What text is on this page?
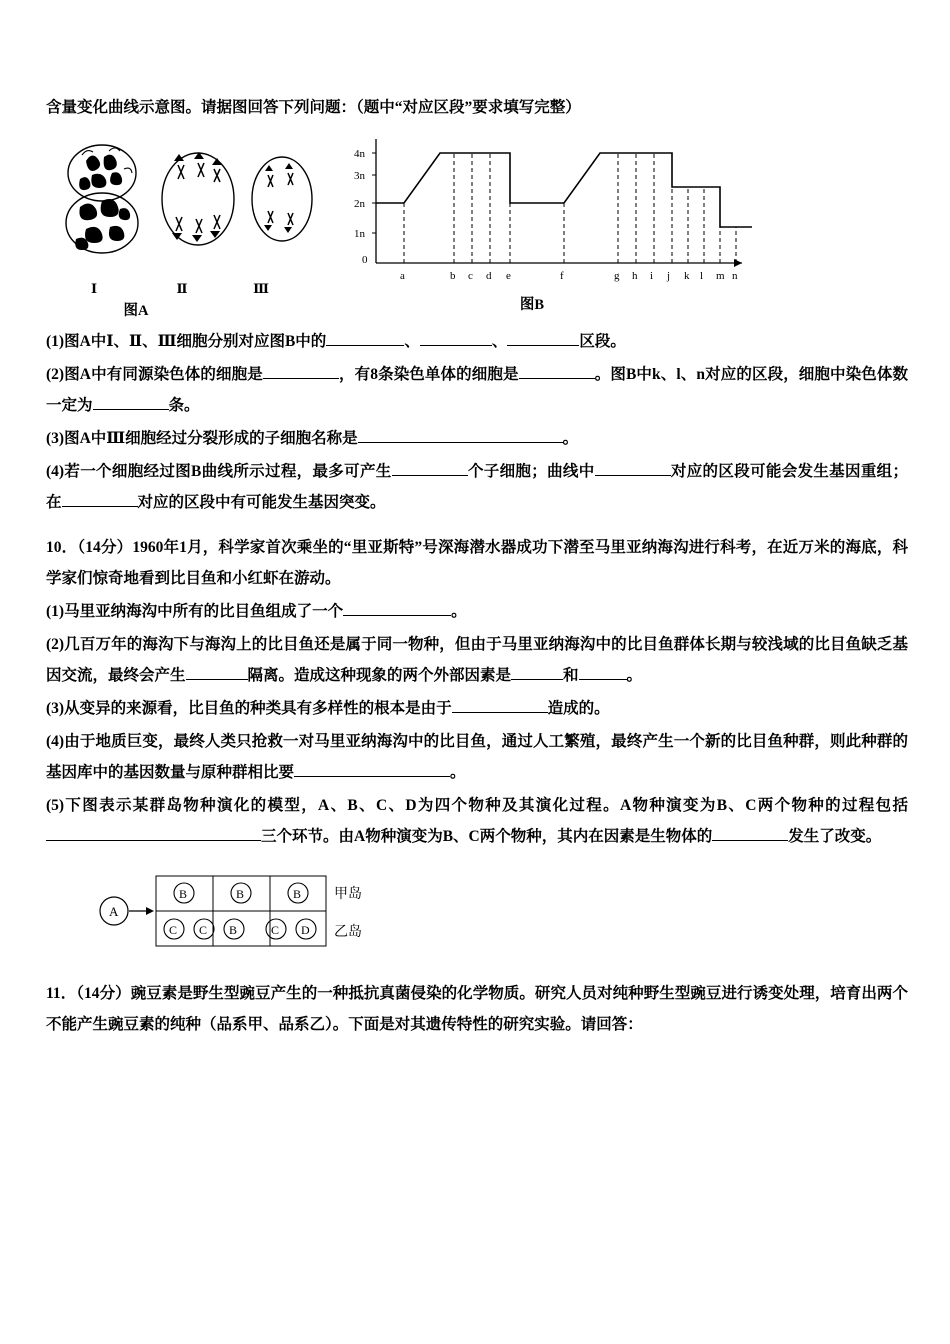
含量变化曲线示意图。请据图回答下列问题：（题中“对应区段”要求填写完整）
Ⅰ	Ⅱ	Ⅲ
图A
4n
3n
2n
1n
0
a	b c d e	f	g h i j k l m n
图B
(1)图A中Ⅰ、Ⅱ、Ⅲ细胞分别对应图B中的	、	、	区段。
(2)图A中有同源染色体的细胞是	，有8条染色单体的细胞是	。图B中k、l、n对应的区段，细胞中染色体数一定为	条。
(3)图A中Ⅲ细胞经过分裂形成的子细胞名称是	。
(4)若一个细胞经过图B曲线所示过程，最多可产生	个子细胞；曲线中	对应的区段可能会发生基因重组；在	对应的区段中有可能发生基因突变。
10．（14分）1960年1月，科学家首次乘坐的“里亚斯特”号深海潜水器成功下潜至马里亚纳海沟进行科考，在近万米的海底，科学家们惊奇地看到比目鱼和小红虾在游动。
(1)马里亚纳海沟中所有的比目鱼组成了一个	。
(2)几百万年的海沟下与海沟上的比目鱼还是属于同一物种，但由于马里亚纳海沟中的比目鱼群体长期与较浅域的比目鱼缺乏基因交流，最终会产生	隔离。造成这种现象的两个外部因素是	和	。
(3)从变异的来源看，比目鱼的种类具有多样性的根本是由于	造成的。
(4)由于地质巨变，最终人类只抢救一对马里亚纳海沟中的比目鱼，通过人工繁殖，最终产生一个新的比目鱼种群，则此种群的基因库中的基因数量与原种群相比要	。
(5)下图表示某群岛物种演化的模型，A、B、C、D为四个物种及其演化过程。A物种演变为B、C两个物种的过程包括三个环节。由A物种演变为B、C两个物种，其内在因素是生物体的	发生了改变。
A
B	B	B
C C B	C D
甲岛
乙岛
11．（14分）豌豆素是野生型豌豆产生的一种抵抗真菌侵染的化学物质。研究人员对纯种野生型豌豆进行诱变处理，培育出两个不能产生豌豆素的纯种（品系甲、品系乙）。下面是对其遗传特性的研究实验。请回答：
